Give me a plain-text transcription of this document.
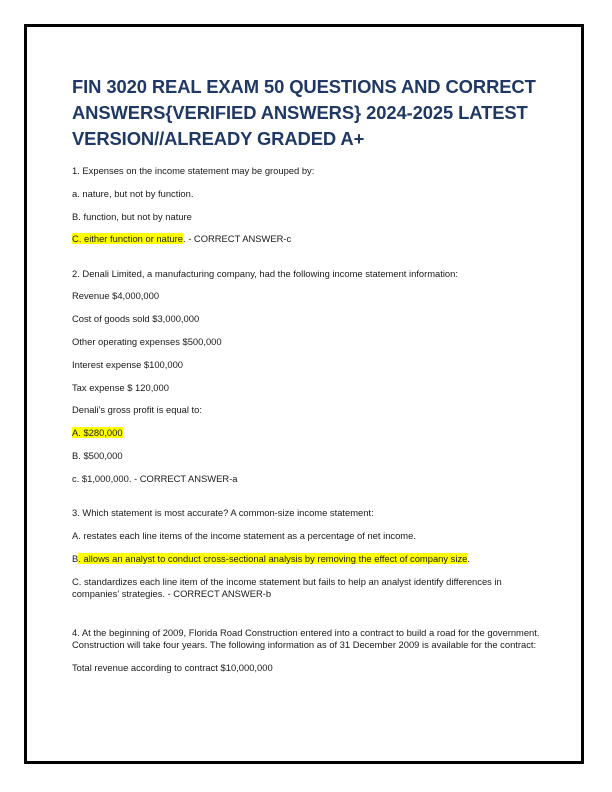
FIN 3020 REAL EXAM 50 QUESTIONS AND CORRECT ANSWERS{VERIFIED ANSWERS} 2024-2025 LATEST VERSION//ALREADY GRADED A+

1. Expenses on the income statement may be grouped by:

a. nature, but not by function.

B. function, but not by nature

C. either function or nature. - CORRECT ANSWER-c

2. Denali Limited, a manufacturing company, had the following income statement information:

Revenue $4,000,000

Cost of goods sold $3,000,000

Other operating expenses $500,000

Interest expense $100,000

Tax expense $ 120,000

Denali's gross profit is equal to:

A. $280,000

B. $500,000

c. $1,000,000. - CORRECT ANSWER-a

3. Which statement is most accurate? A common-size income statement:

A. restates each line items of the income statement as a percentage of net income.

B. allows an analyst to conduct cross-sectional analysis by removing the effect of company size.

C. standardizes each line item of the income statement but fails to help an analyst identify differences in companies' strategies. - CORRECT ANSWER-b

4. At the beginning of 2009, Florida Road Construction entered into a contract to build a road for the government. Construction will take four years. The following information as of 31 December 2009 is available for the contract:

Total revenue according to contract $10,000,000
